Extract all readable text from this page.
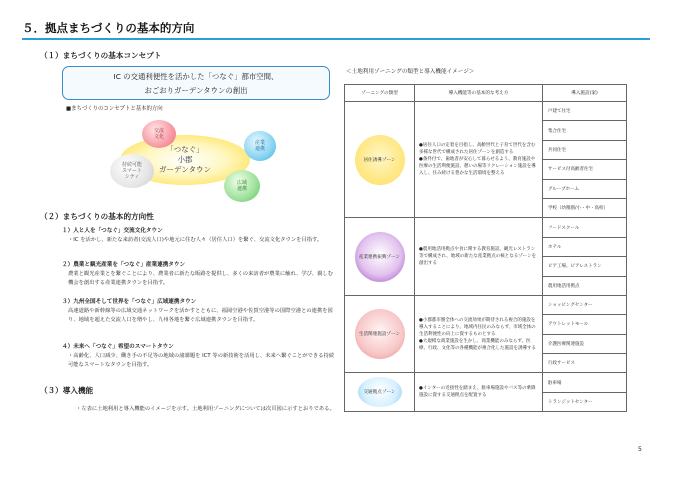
５．拠点まちづくりの基本的方向
（１）まちづくりの基本コンセプト
IC の交通利便性を活かした「つなぐ」都市空間、
おごおりガーデンタウンの創出
■まちづくりのコンセプトと基本的方向
「つなぐ」
小郡
ガーデンタウン
交流
文化
産業
連携
広域
連携
持続可能
スマート
シティ
（２）まちづくりの基本的方向性
１）人と人を「つなぐ」交流文化タウン
・IC を活かし、新たな来訪者(交流人口)や地元に住む人々（居住人口）を繋ぐ、交流文化タウンを目指す。
２）農業と観光産業を「つなぐ」産業連携タウン
農業と観光産業とを繋ぐことにより、農業者に新たな販路を提供し、多くの来訪者が農業に触れ、学び、親しむ機会を創出する産業連携タウンを目指す。
３）九州全国そして世界を「つなぐ」広域連携タウン
高速道路や新幹線等の広域交通ネットワークを活かすとともに、福岡空港や佐賀空港等の国際空港との連携を図り、地域を超えた交流人口を増やし、九州各地を繋ぐ広域連携タウンを目指す。
４）未来へ「つなぐ」希望のスマートタウン
・高齢化、人口減少、働き手の不足等の地域の諸課題を ICT 等の新技術を活用し、未来へ繋ぐことができる持続可能なスマートなタウンを目指す。
（３）導入機能
・左表に土地利用と導入機能のイメージを示す。土地利用ゾーニングについては次頁図に示すとおりである。
＜土地利用ゾーニングの類型と導入機能イメージ＞
ゾーニングの類型	導入機能等の基本的な考え方	導入施設(案)

居住誘導ゾーン	●居住人口の定着を目指し、高齢世代と子育て世代を含む多様な世代で構成された居住ゾーンを創造する
●条件付で、歯地者が安心して暮らせるよう、教育施設や医療の生活利便施設、憩いの場等リクレーション施設を導入し、住み続ける豊かな生活環境を整える	戸建て住宅
		集合住宅
		共同住宅
		サービス付高齢者住宅
		グループホーム
		学校（幼稚園/小・中・高校）

産業連携振興ゾーン	●農用地活用拠点や食に関する教育施設、観光レストラン等で構成され、地域の新たな産業拠点の核となるゾーンを創出する	フードスクール
		ホテル
		ピア工場、ピアレストラン
		農用地活用拠点

生活関連施設ゾーン	●小郡都市圏全体への交流効果が期待される複合的施設を導入することにより、地域内住民のみならず、市域全体の生活利便性の向上に資するものとする
●大規模な商業施設を生かし、商業機能のみならず、医療、行政、文化等の各種機能が複合化した施設を誘導する	ショッピングセンター
		アウトレットモール
		介護医療関連施設
		行政サービス

交通拠点ゾーン	●インターの近接性を踏まえ、駐車場施設やバス等の乗降施設に資する交通拠点を配置する	駐車場
		トランジットセンター
5
